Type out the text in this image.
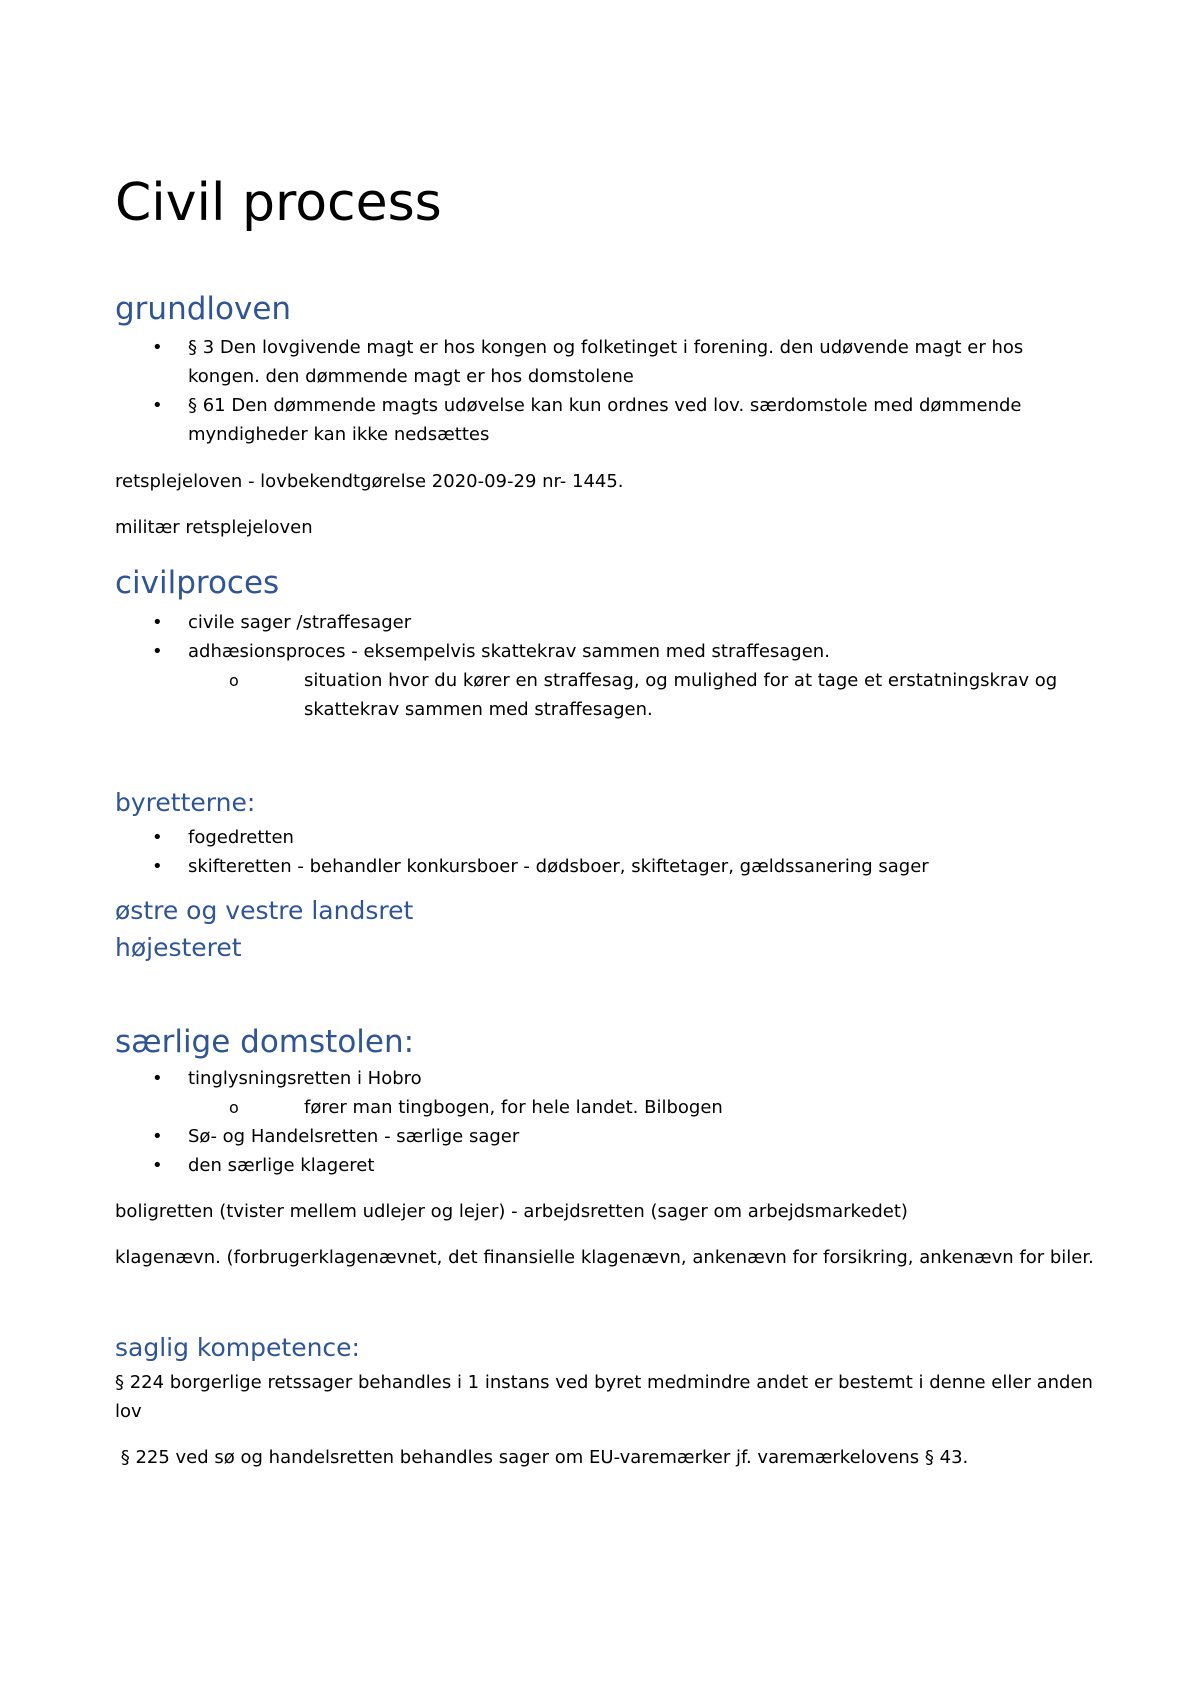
Civil process
grundloven
• § 3 Den lovgivende magt er hos kongen og folketinget i forening. den udøvende magt er hos kongen. den dømmende magt er hos domstolene
• § 61 Den dømmende magts udøvelse kan kun ordnes ved lov. særdomstole med dømmende myndigheder kan ikke nedsættes

retsplejeloven - lovbekendtgørelse 2020-09-29 nr- 1445.

militær retsplejeloven

civilproces
• civile sager /straffesager
• adhæsionsproces - eksempelvis skattekrav sammen med straffesagen.
o	situation hvor du kører en straffesag, og mulighed for at tage et erstatningskrav og skattekrav sammen med straffesagen.
byretterne:
• fogedretten
• skifteretten - behandler konkursboer - dødsboer, skiftetager, gældssanering sager
østre og vestre landsret
højesteret
særlige domstolen:
• tinglysningsretten i Hobro
o	fører man tingbogen, for hele landet. Bilbogen
• Sø- og Handelsretten - særlige sager
• den særlige klageret

boligretten (tvister mellem udlejer og lejer) - arbejdsretten (sager om arbejdsmarkedet)

klagenævn. (forbrugerklagenævnet, det finansielle klagenævn, ankenævn for forsikring, ankenævn for biler.

saglig kompetence:

§ 224 borgerlige retssager behandles i 1 instans ved byret medmindre andet er bestemt i denne eller anden lov

§ 225 ved sø og handelsretten behandles sager om EU-varemærker jf. varemærkelovens § 43.
